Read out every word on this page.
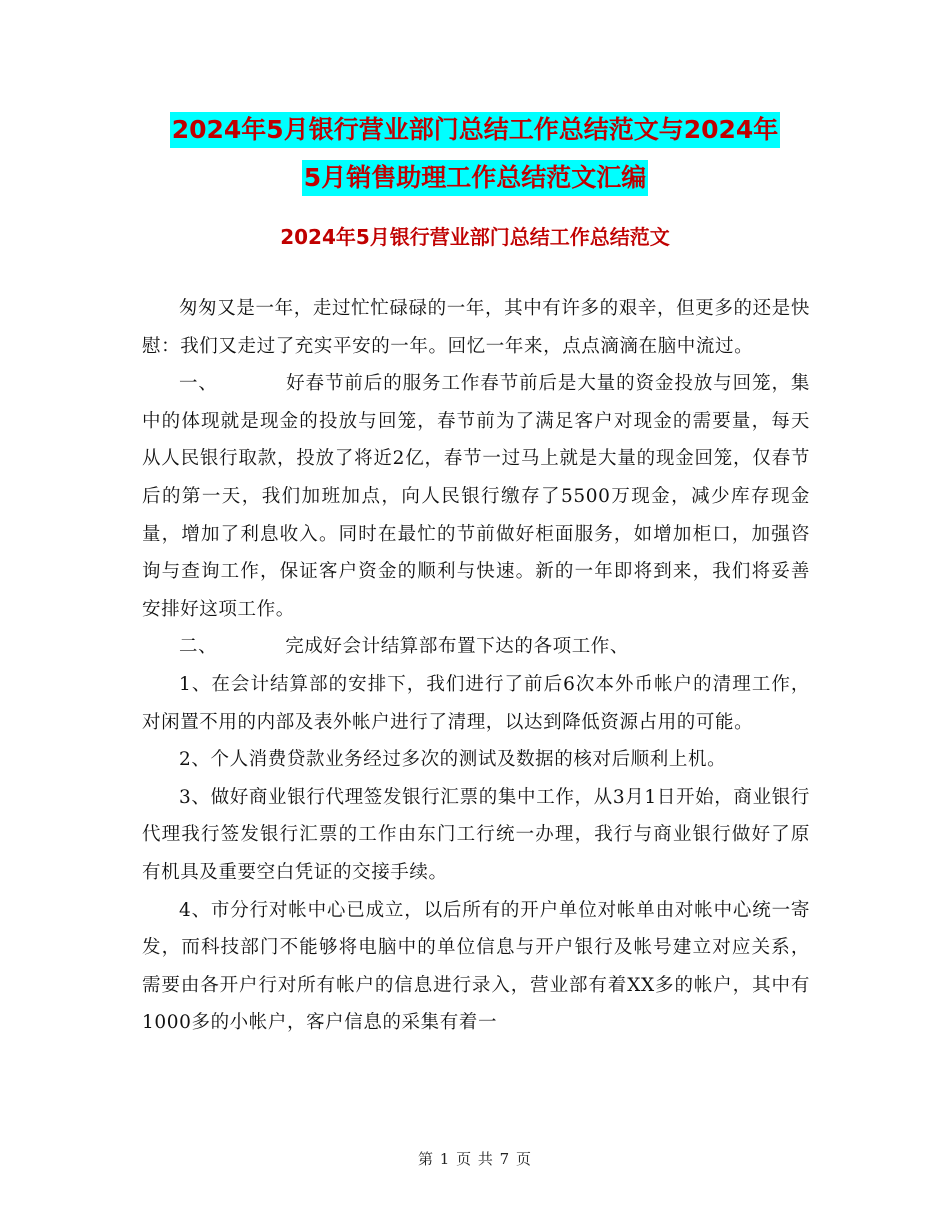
2024年5月银行营业部门总结工作总结范文与2024年
5月销售助理工作总结范文汇编
2024年5月银行营业部门总结工作总结范文

匆匆又是一年，走过忙忙碌碌的一年，其中有许多的艰辛，但更多的还是快慰：我们又走过了充实平安的一年。回忆一年来，点点滴滴在脑中流过。

一、	好春节前后的服务工作春节前后是大量的资金投放与回笼，集中的体现就是现金的投放与回笼，春节前为了满足客户对现金的需要量，每天从人民银行取款，投放了将近2亿，春节一过马上就是大量的现金回笼，仅春节后的第一天，我们加班加点，向人民银行缴存了5500万现金，减少库存现金量，增加了利息收入。同时在最忙的节前做好柜面服务，如增加柜口，加强咨询与查询工作，保证客户资金的顺利与快速。新的一年即将到来，我们将妥善安排好这项工作。

二、	完成好会计结算部布置下达的各项工作、

1、在会计结算部的安排下，我们进行了前后6次本外币帐户的清理工作，对闲置不用的内部及表外帐户进行了清理，以达到降低资源占用的可能。

2、个人消费贷款业务经过多次的测试及数据的核对后顺利上机。

3、做好商业银行代理签发银行汇票的集中工作，从3月1日开始，商业银行代理我行签发银行汇票的工作由东门工行统一办理，我行与商业银行做好了原有机具及重要空白凭证的交接手续。

4、市分行对帐中心已成立，以后所有的开户单位对帐单由对帐中心统一寄发，而科技部门不能够将电脑中的单位信息与开户银行及帐号建立对应关系，需要由各开户行对所有帐户的信息进行录入，营业部有着XX多的帐户，其中有1000多的小帐户，客户信息的采集有着一

第 1 页 共 7 页
